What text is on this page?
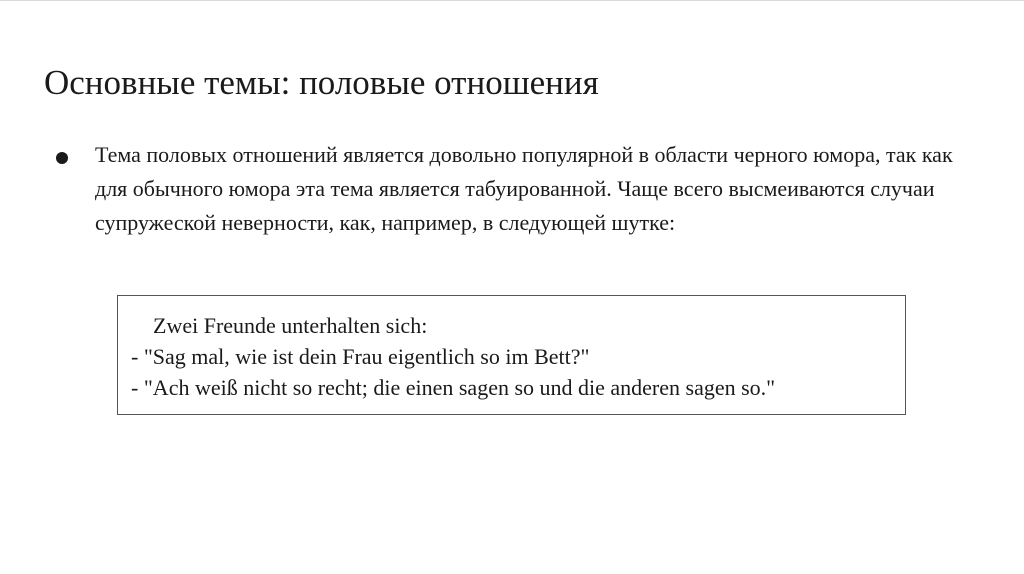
Основные темы: половые отношения
Тема половых отношений является довольно популярной в области черного юмора, так как для обычного юмора эта тема является табуированной. Чаще всего высмеиваются случаи супружеской неверности, как, например, в следующей шутке:
Zwei Freunde unterhalten sich:
- "Sag mal, wie ist dein Frau eigentlich so im Bett?"
- "Ach weiß nicht so recht; die einen sagen so und die anderen sagen so."
